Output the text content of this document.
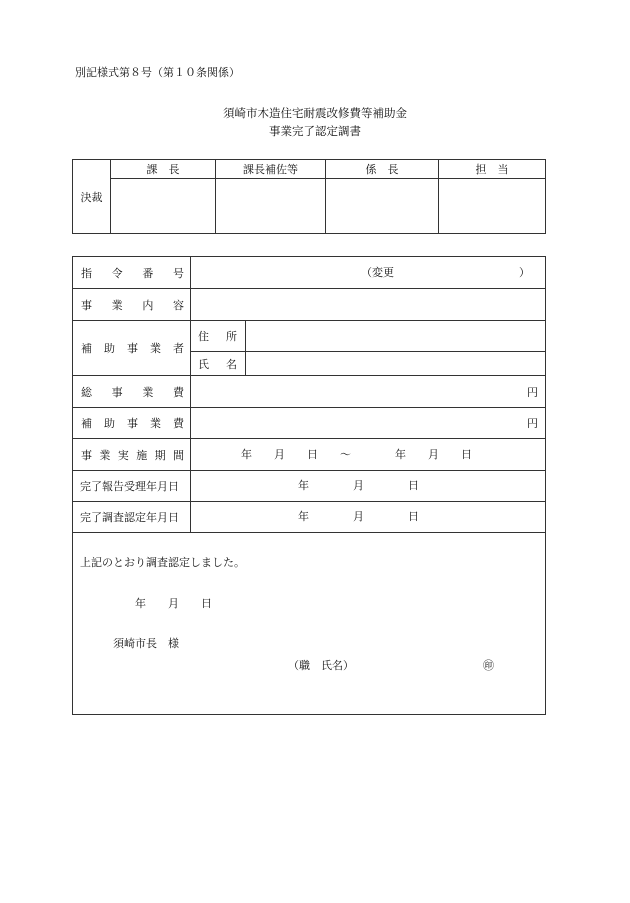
別記様式第８号（第１０条関係）
須崎市木造住宅耐震改修費等補助金
事業完了認定調書
決裁	課　長	課長補佐等	係　長	担　当

指令番号	（変更 ）	

事業内容		
補助事業者	住所	
	氏名	
総事業費	円	
補助事業費	円	
事業実施期間	年　　月　　日　　～　　　　年　　月　　日	

完了報告受理年月日	年　　　　月　　　　日	

完了調査認定年月日	年　　　　月　　　　日	

上記のとおり調査認定しました。
年　　月　　日
須崎市長　様
（職　氏名） ㊞		
